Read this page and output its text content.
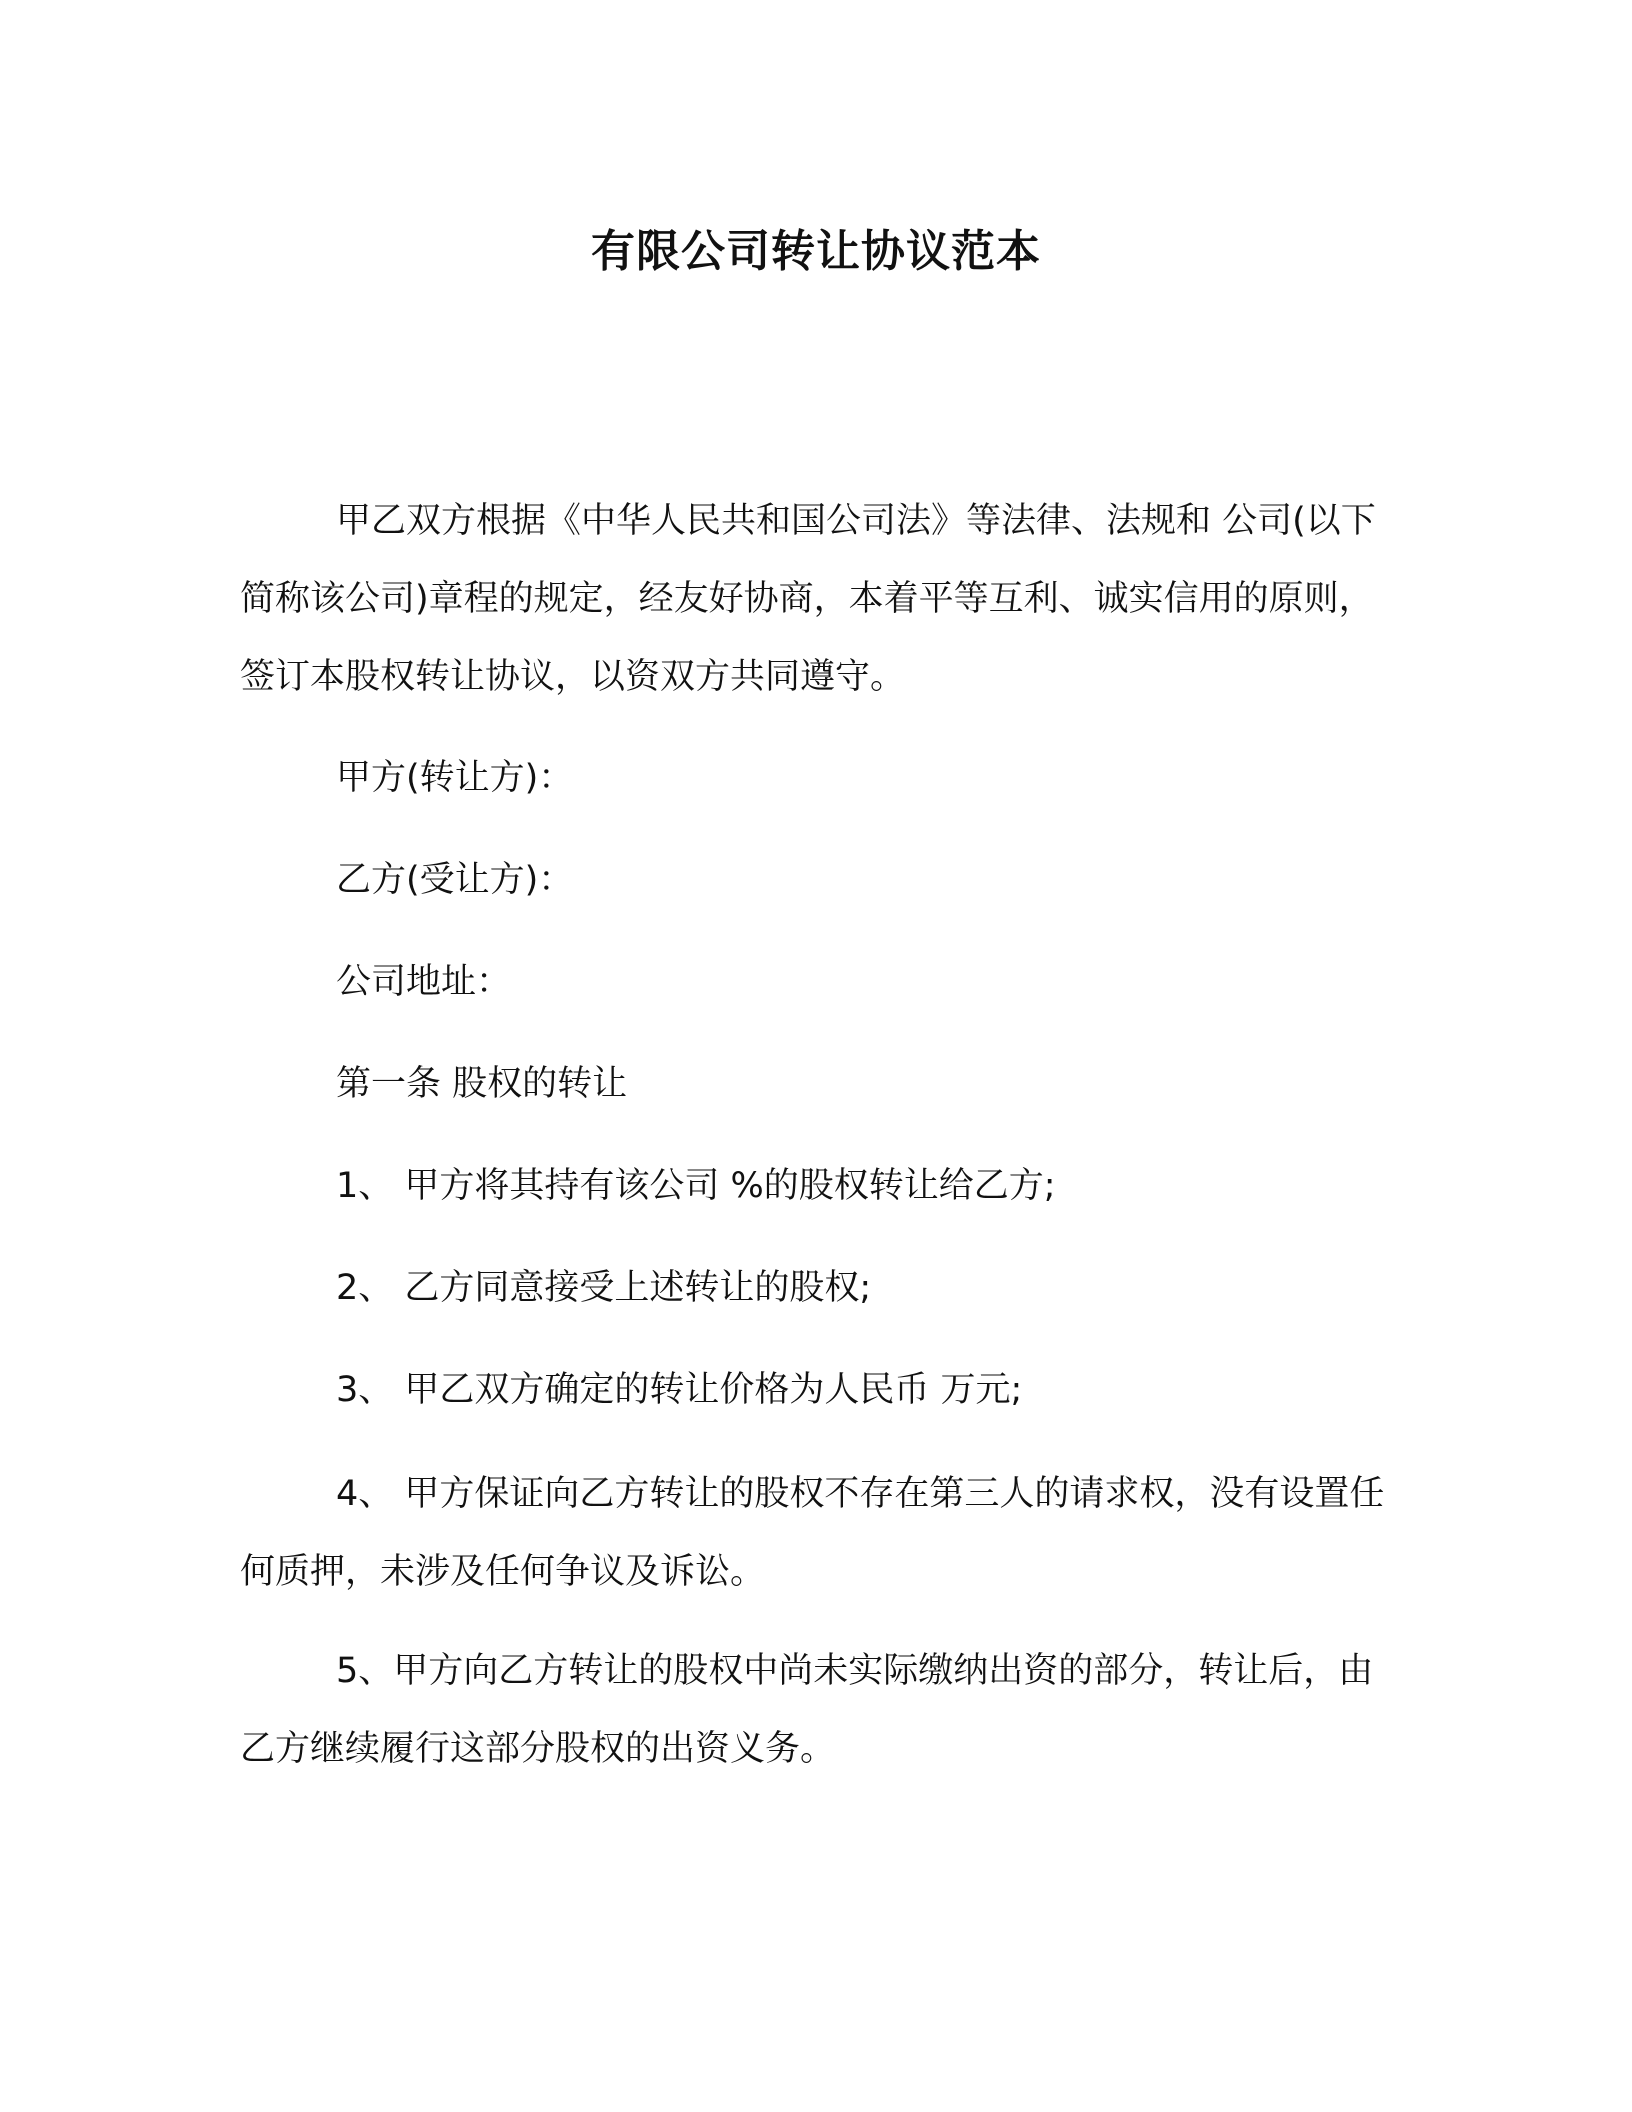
有限公司转让协议范本

甲乙双方根据《中华人民共和国公司法》等法律、法规和 公司(以下简称该公司)章程的规定，经友好协商，本着平等互利、诚实信用的原则，签订本股权转让协议，以资双方共同遵守。

甲方(转让方)：

乙方(受让方)：

公司地址：

第一条 股权的转让

1、 甲方将其持有该公司 %的股权转让给乙方;

2、 乙方同意接受上述转让的股权;

3、 甲乙双方确定的转让价格为人民币 万元;

4、 甲方保证向乙方转让的股权不存在第三人的请求权，没有设置任何质押，未涉及任何争议及诉讼。

5、甲方向乙方转让的股权中尚未实际缴纳出资的部分，转让后，由乙方继续履行这部分股权的出资义务。
